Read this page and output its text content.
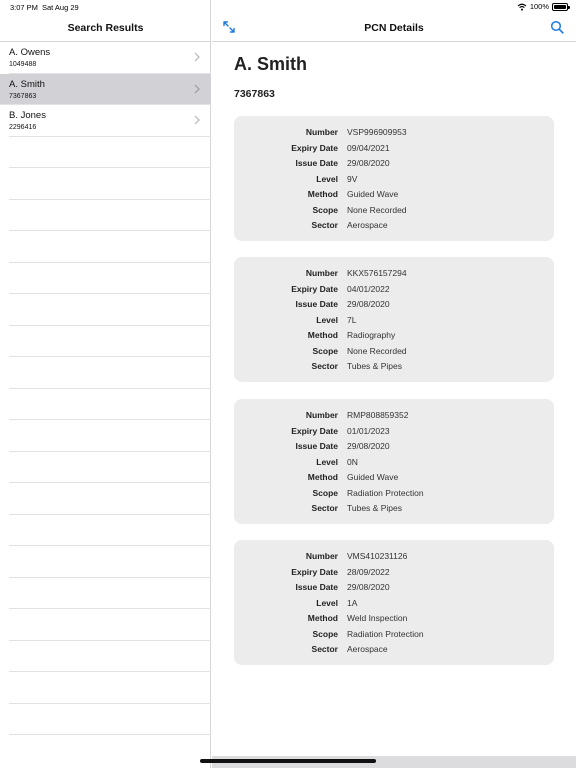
Search Results
A. Owens
1049488
A. Smith
7367863
B. Jones
2296416
PCN Details
A. Smith
7367863
Number VSP996909953
Expiry Date 09/04/2021
Issue Date 29/08/2020
Level 9V
Method Guided Wave
Scope None Recorded
Sector Aerospace
Number KKX576157294
Expiry Date 04/01/2022
Issue Date 29/08/2020
Level 7L
Method Radiography
Scope None Recorded
Sector Tubes & Pipes
Number RMP808859352
Expiry Date 01/01/2023
Issue Date 29/08/2020
Level 0N
Method Guided Wave
Scope Radiation Protection
Sector Tubes & Pipes
Number VMS410231126
Expiry Date 28/09/2022
Issue Date 29/08/2020
Level 1A
Method Weld Inspection
Scope Radiation Protection
Sector Aerospace
3:07 PM Sat Aug 29	100%
